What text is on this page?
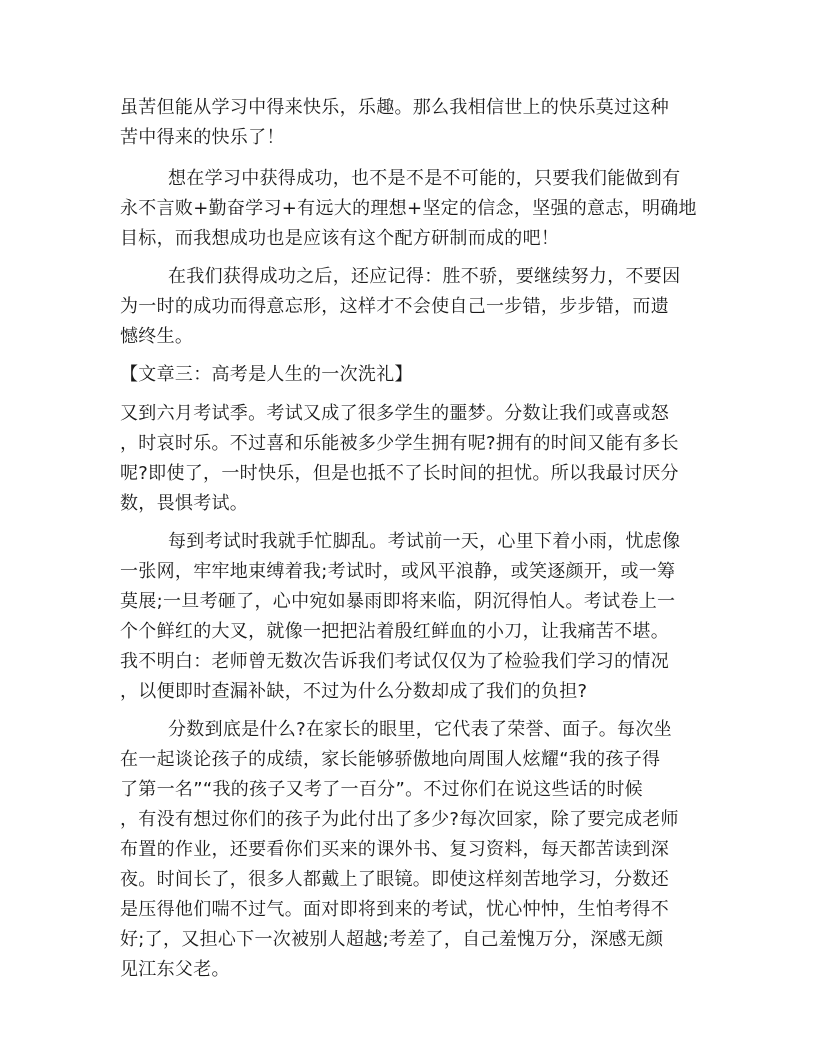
虽苦但能从学习中得来快乐，乐趣。那么我相信世上的快乐莫过这种
苦中得来的快乐了！
想在学习中获得成功，也不是不是不可能的，只要我们能做到有
永不言败+勤奋学习+有远大的理想+坚定的信念，坚强的意志，明确地
目标，而我想成功也是应该有这个配方研制而成的吧！
在我们获得成功之后，还应记得：胜不骄，要继续努力，不要因
为一时的成功而得意忘形，这样才不会使自己一步错，步步错，而遗
憾终生。
【文章三：高考是人生的一次洗礼】
又到六月考试季。考试又成了很多学生的噩梦。分数让我们或喜或怒
，时哀时乐。不过喜和乐能被多少学生拥有呢?拥有的时间又能有多长
呢?即使了，一时快乐，但是也抵不了长时间的担忧。所以我最讨厌分
数，畏惧考试。
每到考试时我就手忙脚乱。考试前一天，心里下着小雨，忧虑像
一张网，牢牢地束缚着我;考试时，或风平浪静，或笑逐颜开，或一筹
莫展;一旦考砸了，心中宛如暴雨即将来临，阴沉得怕人。考试卷上一
个个鲜红的大叉，就像一把把沾着殷红鲜血的小刀，让我痛苦不堪。
我不明白：老师曾无数次告诉我们考试仅仅为了检验我们学习的情况
，以便即时查漏补缺，不过为什么分数却成了我们的负担?
分数到底是什么?在家长的眼里，它代表了荣誉、面子。每次坐
在一起谈论孩子的成绩，家长能够骄傲地向周围人炫耀“我的孩子得
了第一名”“我的孩子又考了一百分”。不过你们在说这些话的时候
，有没有想过你们的孩子为此付出了多少?每次回家，除了要完成老师
布置的作业，还要看你们买来的课外书、复习资料，每天都苦读到深
夜。时间长了，很多人都戴上了眼镜。即使这样刻苦地学习，分数还
是压得他们喘不过气。面对即将到来的考试，忧心忡忡，生怕考得不
好;了，又担心下一次被别人超越;考差了，自己羞愧万分，深感无颜
见江东父老。
